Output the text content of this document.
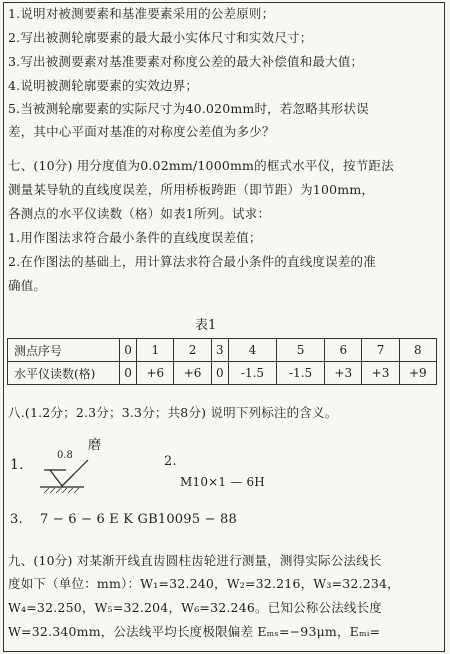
1.说明对被测要素和基准要素采用的公差原则；
2.写出被测轮廓要素的最大最小实体尺寸和实效尺寸；
3.写出被测要素对基准要素对称度公差的最大补偿值和最大值；
4.说明被测轮廓要素的实效边界；
5.当被测轮廓要素的实际尺寸为40.020mm时，若忽略其形状误
差，其中心平面对基准的对称度公差值为多少？
七、(10分) 用分度值为0.02mm/1000mm的框式水平仪，按节距法
测量某导轨的直线度误差，所用桥板跨距（即节距）为100mm，
各测点的水平仪读数（格）如表1所列。试求：
1.用作图法求符合最小条件的直线度误差值；
2.在作图法的基础上，用计算法求符合最小条件的直线度误差的准
确值。
表1
测点序号	0	1	2	3	4	5	6	7	8
水平仪读数(格)	0	+6	+6	0	-1.5	-1.5	+3	+3	+9
八.(1.2分；2.3分；3.3分；共8分) 说明下列标注的含义。
磨
0.8
1.	2.
M10×1 — 6H
3. 7 − 6 − 6 E K GB10095 − 88
九、(10分) 对某渐开线直齿圆柱齿轮进行测量，测得实际公法线长
度如下（单位：mm）：W₁=32.240，W₂=32.216，W₃=32.234，
W₄=32.250，W₅=32.204，W₆=32.246。已知公称公法线长度
W=32.340mm，公法线平均长度极限偏差 Eₘₛ=−93μm，Eₘᵢ=
